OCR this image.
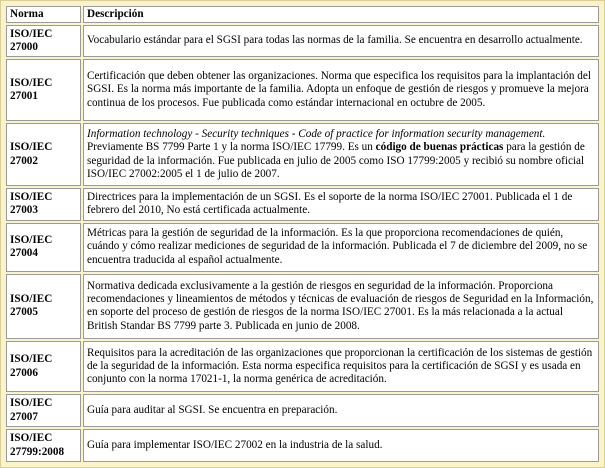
Norma	Descripción
ISO/IEC
27000	Vocabulario estándar para el SGSI para todas las normas de la familia. Se encuentra en desarrollo actualmente.
ISO/IEC
27001	Certificación que deben obtener las organizaciones. Norma que especifica los requisitos para la implantación del SGSI. Es la norma más importante de la familia. Adopta un enfoque de gestión de riesgos y promueve la mejora continua de los procesos. Fue publicada como estándar internacional en octubre de 2005.
ISO/IEC
27002	Information technology - Security techniques - Code of practice for information security management. Previamente BS 7799 Parte 1 y la norma ISO/IEC 17799. Es un código de buenas prácticas para la gestión de seguridad de la información. Fue publicada en julio de 2005 como ISO 17799:2005 y recibió su nombre oficial ISO/IEC 27002:2005 el 1 de julio de 2007.
ISO/IEC
27003	Directrices para la implementación de un SGSI. Es el soporte de la norma ISO/IEC 27001. Publicada el 1 de febrero del 2010, No está certificada actualmente.
ISO/IEC
27004	Métricas para la gestión de seguridad de la información. Es la que proporciona recomendaciones de quién, cuándo y cómo realizar mediciones de seguridad de la información. Publicada el 7 de diciembre del 2009, no se encuentra traducida al español actualmente.
ISO/IEC
27005	Normativa dedicada exclusivamente a la gestión de riesgos en seguridad de la información. Proporciona recomendaciones y lineamientos de métodos y técnicas de evaluación de riesgos de Seguridad en la Información, en soporte del proceso de gestión de riesgos de la norma ISO/IEC 27001. Es la más relacionada a la actual British Standar BS 7799 parte 3. Publicada en junio de 2008.
ISO/IEC
27006	Requisitos para la acreditación de las organizaciones que proporcionan la certificación de los sistemas de gestión de la seguridad de la información. Esta norma especifica requisitos para la certificación de SGSI y es usada en conjunto con la norma 17021-1, la norma genérica de acreditación.
ISO/IEC
27007	Guía para auditar al SGSI. Se encuentra en preparación.
ISO/IEC
27799:2008	Guía para implementar ISO/IEC 27002 en la industria de la salud.
